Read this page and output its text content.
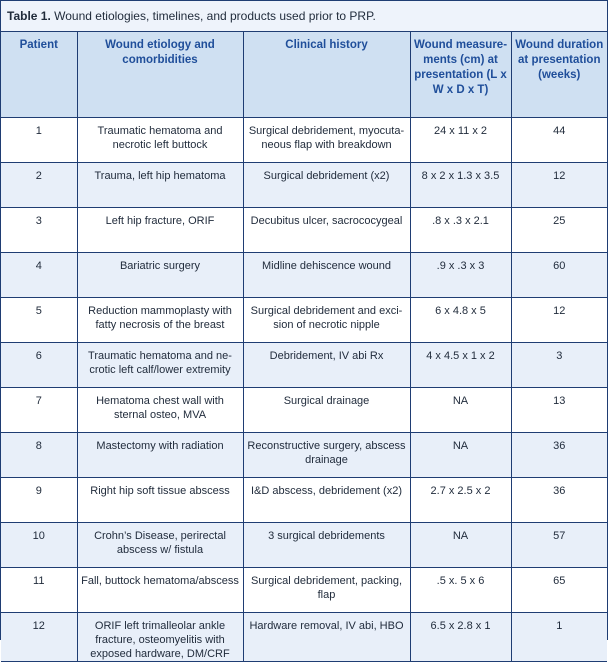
Table 1. Wound etiologies, timelines, and products used prior to PRP.
Patient	Wound etiology and comorbidities	Clinical history	Wound measure- ments (cm) at presentation (L x W x D x T)	Wound duration at presentation (weeks)
1	Traumatic hematoma and necrotic left buttock	Surgical debridement, myocuta- neous flap with breakdown	24 x 11 x 2	44
2	Trauma, left hip hematoma	Surgical debridement (x2)	8 x 2 x 1.3 x 3.5	12
3	Left hip fracture, ORIF	Decubitus ulcer, sacrococygeal	.8 x .3 x 2.1	25
4	Bariatric surgery	Midline dehiscence wound	.9 x .3 x 3	60
5	Reduction mammoplasty with fatty necrosis of the breast	Surgical debridement and exci- sion of necrotic nipple	6 x 4.8 x 5	12
6	Traumatic hematoma and ne- crotic left calf/lower extremity	Debridement, IV abi Rx	4 x 4.5 x 1 x 2	3
7	Hematoma chest wall with sternal osteo, MVA	Surgical drainage	NA	13
8	Mastectomy with radiation	Reconstructive surgery, abscess drainage	NA	36
9	Right hip soft tissue abscess	I&D abscess, debridement (x2)	2.7 x 2.5 x 2	36
10	Crohn’s Disease, perirectal abscess w/ fistula	3 surgical debridements	NA	57
11	Fall, buttock hematoma/abscess	Surgical debridement, packing, flap	.5 x. 5 x 6	65
12	ORIF left trimalleolar ankle fracture, osteomyelitis with exposed hardware, DM/CRF	Hardware removal, IV abi, HBO	6.5 x 2.8 x 1	1
